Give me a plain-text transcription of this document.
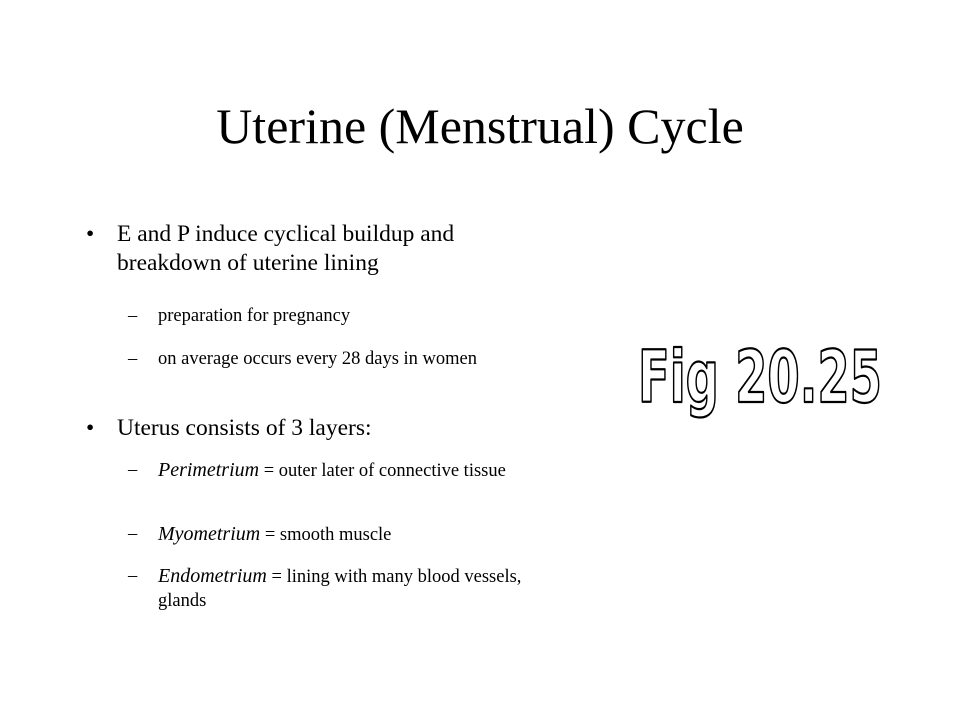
Uterine (Menstrual) Cycle
• E and P induce cyclical buildup and breakdown of uterine lining
– preparation for pregnancy
– on average occurs every 28 days in women
• Uterus consists of 3 layers:
– Perimetrium = outer later of connective tissue
– Myometrium = smooth muscle
– Endometrium = lining with many blood vessels, glands
Fig 20.25
